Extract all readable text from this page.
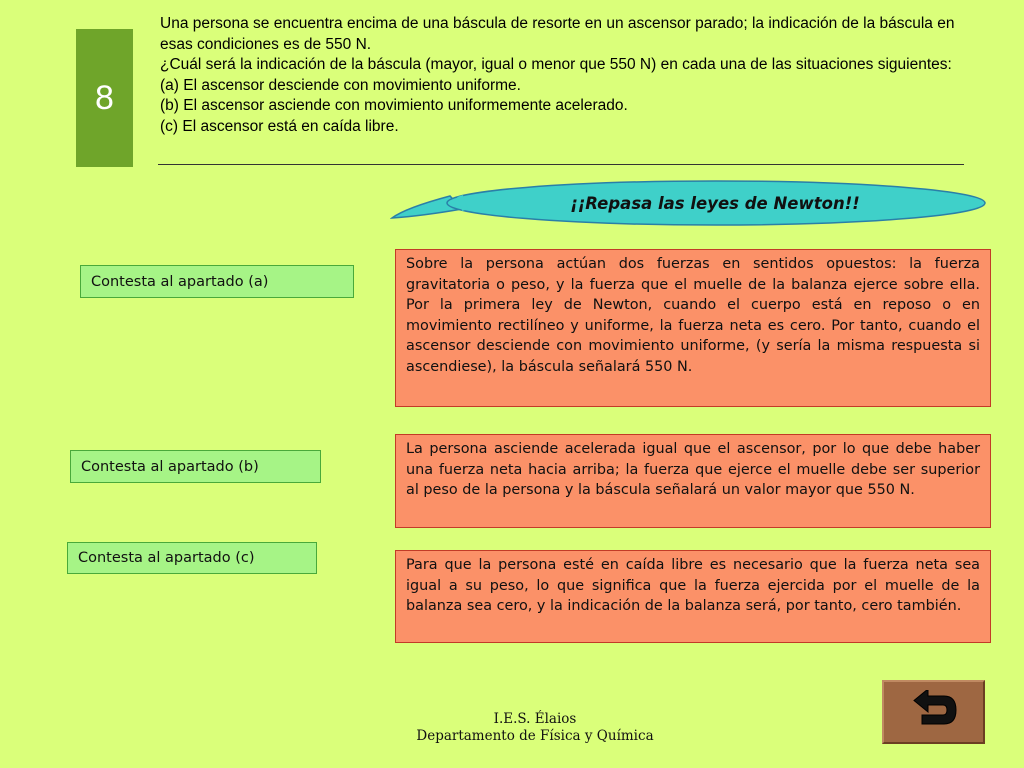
8

Una persona se encuentra encima de una báscula de resorte en un ascensor parado; la indicación de la báscula en esas condiciones es de 550 N.

¿Cuál será la indicación de la báscula (mayor, igual o menor que 550 N) en cada una de las situaciones siguientes:

(a) El ascensor desciende con movimiento uniforme.

(b) El ascensor asciende con movimiento uniformemente acelerado.

(c) El ascensor está en caída libre.

¡¡Repasa las leyes de Newton!!
Contesta al apartado (a)
Sobre la persona actúan dos fuerzas en sentidos opuestos: la fuerza gravitatoria o peso, y la fuerza que el muelle de la balanza ejerce sobre ella. Por la primera ley de Newton, cuando el cuerpo está en reposo o en movimiento rectilíneo y uniforme, la fuerza neta es cero. Por tanto, cuando el ascensor desciende con movimiento uniforme, (y sería la misma respuesta si ascendiese), la báscula señalará 550 N.
Contesta al apartado (b)
La persona asciende acelerada igual que el ascensor, por lo que debe haber una fuerza neta hacia arriba; la fuerza que ejerce el muelle debe ser superior al peso de la persona y la báscula señalará un valor mayor que 550 N.
Contesta al apartado (c)	Para que la persona esté en caída libre es necesario que la fuerza neta sea igual a su peso, lo que significa que la fuerza ejercida por el muelle de la balanza sea cero, y la indicación de la balanza será, por tanto, cero también.
I.E.S. Élaios
Departamento de Física y Química
